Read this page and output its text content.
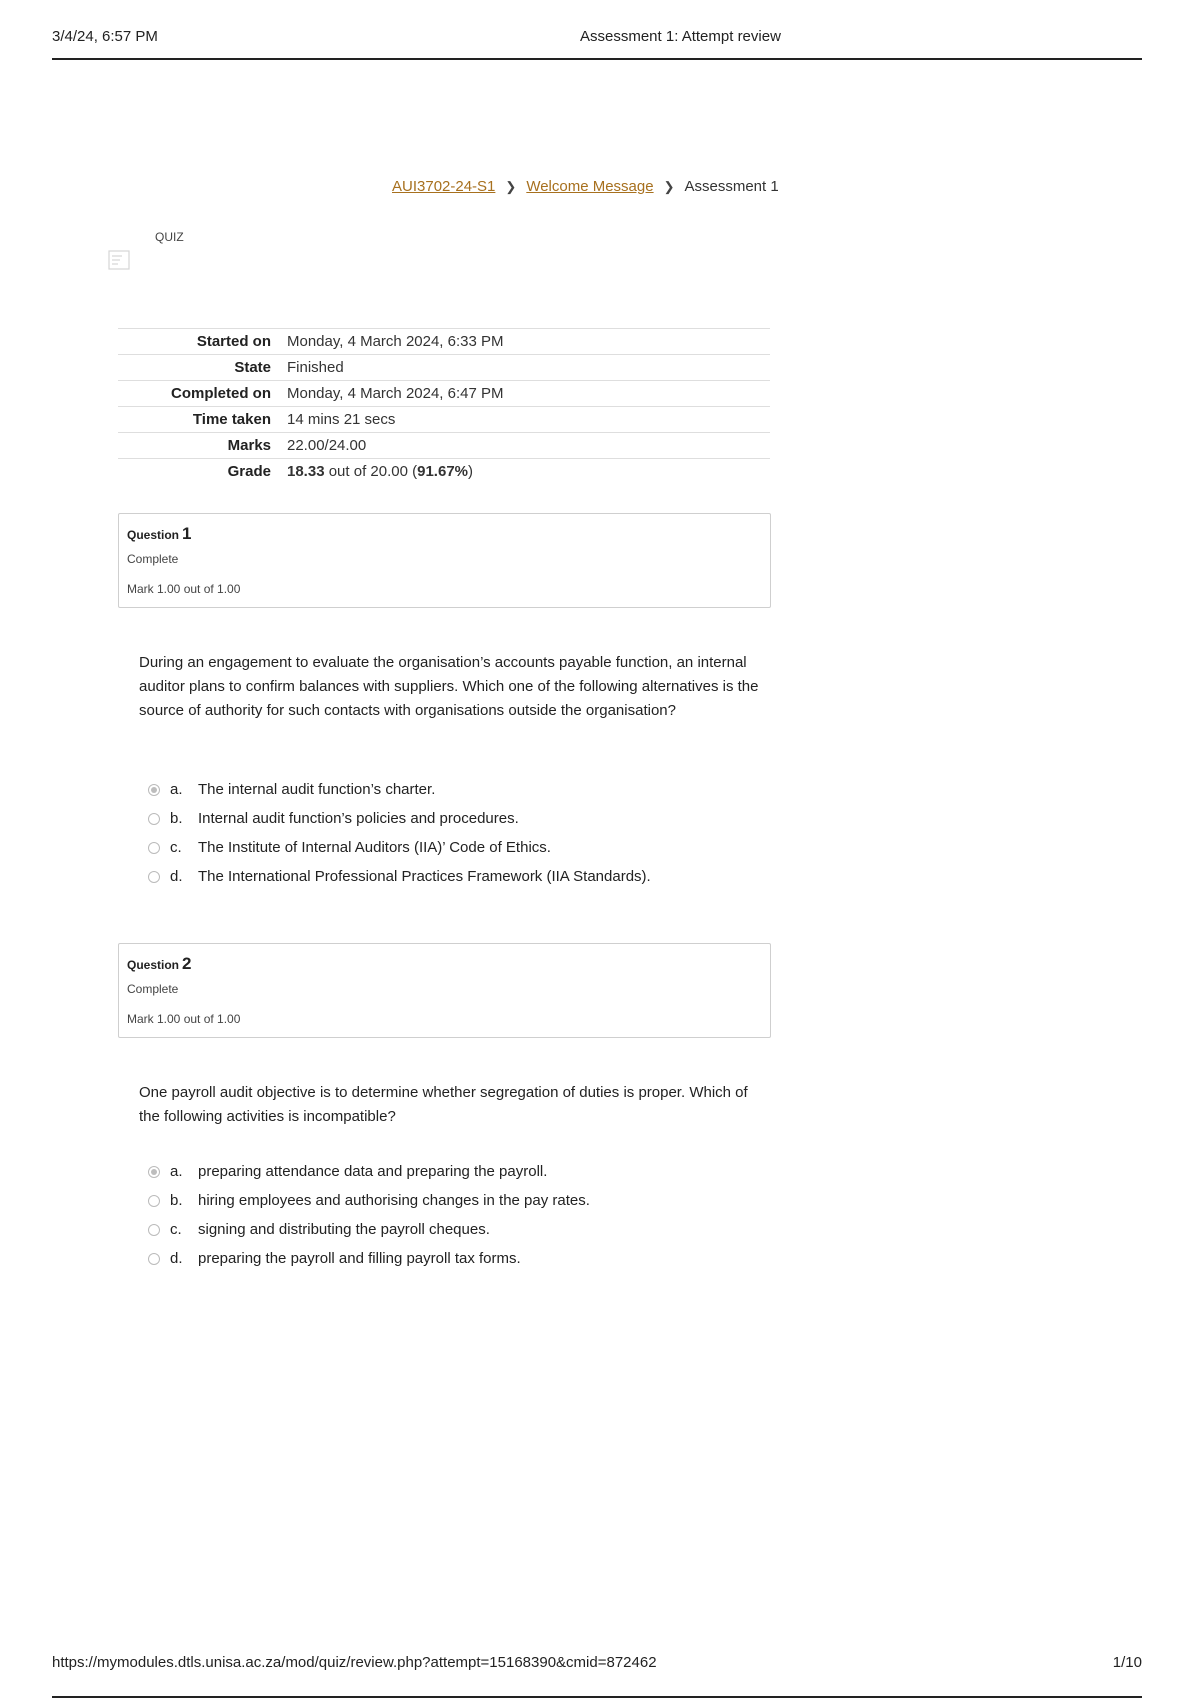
3/4/24, 6:57 PM	Assessment 1: Attempt review
AUI3702-24-S1 ❯ Welcome Message ❯ Assessment 1
QUIZ
Started on	Monday, 4 March 2024, 6:33 PM
State	Finished
Completed on	Monday, 4 March 2024, 6:47 PM
Time taken	14 mins 21 secs
Marks	22.00/24.00
Grade	18.33 out of 20.00 (91.67%)
Question 1
Complete
Mark 1.00 out of 1.00
During an engagement to evaluate the organisation’s accounts payable function, an internal auditor plans to confirm balances with suppliers. Which one of the following alternatives is the source of authority for such contacts with organisations outside the organisation?
a.	The internal audit function’s charter.
b.	Internal audit function’s policies and procedures.
c.	The Institute of Internal Auditors (IIA)’ Code of Ethics.
d.	The International Professional Practices Framework (IIA Standards).
Question 2
Complete
Mark 1.00 out of 1.00
One payroll audit objective is to determine whether segregation of duties is proper. Which of the following activities is incompatible?
a.	preparing attendance data and preparing the payroll.
b.	hiring employees and authorising changes in the pay rates.
c.	signing and distributing the payroll cheques.
d.	preparing the payroll and filling payroll tax forms.
https://mymodules.dtls.unisa.ac.za/mod/quiz/review.php?attempt=15168390&cmid=872462	1/10
